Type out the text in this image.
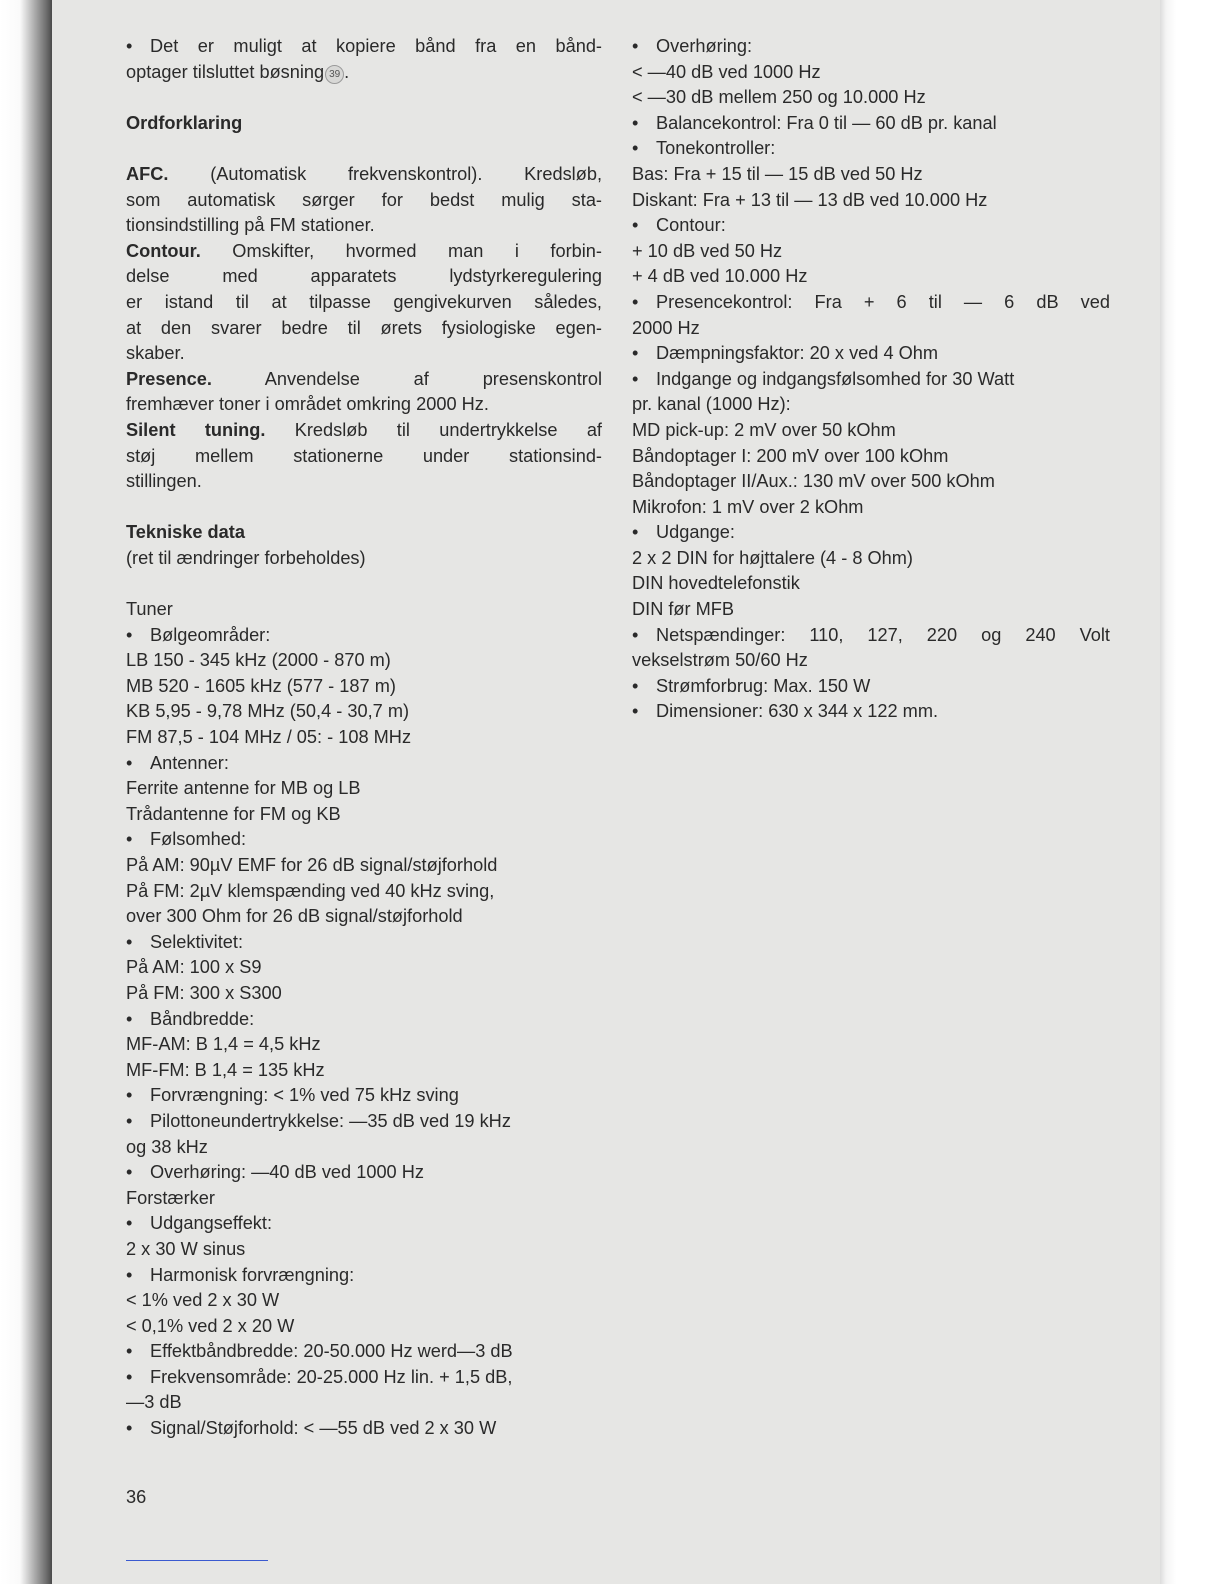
• Det er muligt at kopiere bånd fra en bånd-
optager tilsluttet bøsning 39 .
Ordforklaring
AFC. (Automatisk frekvenskontrol). Kredsløb,
som automatisk sørger for bedst mulig sta-
tionsindstilling på FM stationer.
Contour. Omskifter, hvormed man i forbin-
delse med apparatets lydstyrkeregulering
er istand til at tilpasse gengivekurven således,
at den svarer bedre til ørets fysiologiske egen-
skaber.
Presence.	Anvendelse af presenskontrol
fremhæver toner i området omkring 2000 Hz.
Silent tuning. Kredsløb til undertrykkelse af
støj mellem stationerne under stationsind-
stillingen.
Tekniske data
(ret til ændringer forbeholdes)
Tuner
• Bølgeområder:
LB 150 - 345 kHz (2000 - 870 m)
MB 520 - 1605 kHz (577 - 187 m)
KB 5,95 - 9,78 MHz (50,4 - 30,7 m)
FM 87,5 - 104 MHz / 05: - 108 MHz
• Antenner:
Ferrite antenne for MB og LB
Trådantenne for FM og KB
• Følsomhed:
På AM: 90µV EMF for 26 dB signal/støjforhold
På FM: 2µV klemspænding ved 40 kHz sving,
over 300 Ohm for 26 dB signal/støjforhold
• Selektivitet:
På AM: 100 x S9
På FM: 300 x S300
• Båndbredde:
MF-AM: B 1,4 = 4,5 kHz
MF-FM: B 1,4 = 135 kHz
• Forvrængning: < 1% ved 75 kHz sving
• Pilottoneundertrykkelse: —35 dB ved 19 kHz
og 38 kHz
• Overhøring: —40 dB ved 1000 Hz
Forstærker
• Udgangseffekt:
2 x 30 W sinus
• Harmonisk forvrængning:
< 1% ved 2 x 30 W
< 0,1% ved 2 x 20 W
• Effektbåndbredde: 20-50.000 Hz werd—3 dB
• Frekvensområde: 20-25.000 Hz lin. + 1,5 dB,
—3 dB
• Signal/Støjforhold: < —55 dB ved 2 x 30 W
• Overhøring:
< —40 dB ved 1000 Hz
< —30 dB mellem 250 og 10.000 Hz
• Balancekontrol: Fra 0 til — 60 dB pr. kanal
• Tonekontroller:
Bas: Fra + 15 til — 15 dB ved 50 Hz
Diskant: Fra + 13 til — 13 dB ved 10.000 Hz
• Contour:
+ 10 dB ved 50 Hz
+ 4 dB ved 10.000 Hz
• Presencekontrol: Fra + 6 til — 6 dB ved
2000 Hz
• Dæmpningsfaktor: 20 x ved 4 Ohm
• Indgange og indgangsfølsomhed for 30 Watt
pr. kanal (1000 Hz):
MD pick-up: 2 mV over 50 kOhm
Båndoptager I: 200 mV over 100 kOhm
Båndoptager II/Aux.: 130 mV over 500 kOhm
Mikrofon: 1 mV over 2 kOhm
• Udgange:
2 x 2 DIN for højttalere (4 - 8 Ohm)
DIN hovedtelefonstik
DIN før MFB
• Netspændinger: 110, 127, 220 og 240 Volt
vekselstrøm 50/60 Hz
• Strømforbrug: Max. 150 W
• Dimensioner: 630 x 344 x 122 mm.
36
